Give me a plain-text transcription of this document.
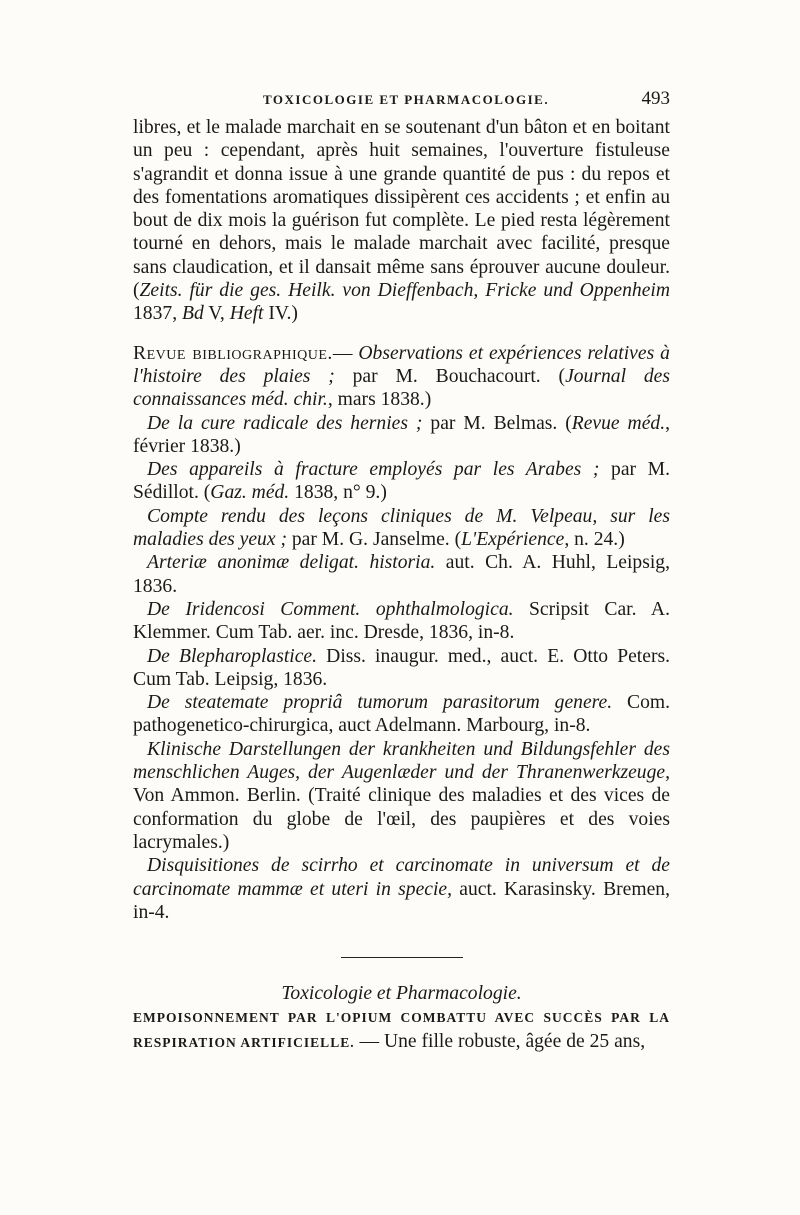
TOXICOLOGIE ET PHARMACOLOGIE.	493

libres, et le malade marchait en se soutenant d'un bâton et en boitant un peu : cependant, après huit semaines, l'ouverture fistuleuse s'agrandit et donna issue à une grande quantité de pus : du repos et des fomentations aromatiques dissipèrent ces accidents ; et enfin au bout de dix mois la guérison fut complète. Le pied resta légèrement tourné en dehors, mais le malade marchait avec facilité, presque sans claudication, et il dansait même sans éprouver aucune douleur. (Zeits. für die ges. Heilk. von Dieffenbach, Fricke und Oppenheim 1837, Bd V, Heft IV.)

Revue bibliographique.— Observations et expériences relatives à l'histoire des plaies ; par M. Bouchacourt. (Journal des connaissances méd. chir., mars 1838.)

De la cure radicale des hernies ; par M. Belmas. (Revue méd., février 1838.)

Des appareils à fracture employés par les Arabes ; par M. Sédillot. (Gaz. méd. 1838, n° 9.)

Compte rendu des leçons cliniques de M. Velpeau, sur les maladies des yeux ; par M. G. Janselme. (L'Expérience, n. 24.)

Arteriæ anonimæ deligat. historia. aut. Ch. A. Huhl, Leipsig, 1836.

De Iridencosi Comment. ophthalmologica. Scripsit Car. A. Klemmer. Cum Tab. aer. inc. Dresde, 1836, in-8.

De Blepharoplastice. Diss. inaugur. med., auct. E. Otto Peters. Cum Tab. Leipsig, 1836.

De steatemate propriâ tumorum parasitorum genere. Com. pathogenetico-chirurgica, auct Adelmann. Marbourg, in-8.

Klinische Darstellungen der krankheiten und Bildungsfehler des menschlichen Auges, der Augenlæder und der Thranenwerkzeuge, Von Ammon. Berlin. (Traité clinique des maladies et des vices de conformation du globe de l'œil, des paupières et des voies lacrymales.)

Disquisitiones de scirrho et carcinomate in universum et de carcinomate mammæ et uteri in specie, auct. Karasinsky. Bremen, in-4.

Toxicologie et Pharmacologie.

EMPOISONNEMENT PAR L'OPIUM COMBATTU AVEC SUCCÈS PAR LA RESPIRATION ARTIFICIELLE. — Une fille robuste, âgée de 25 ans,
